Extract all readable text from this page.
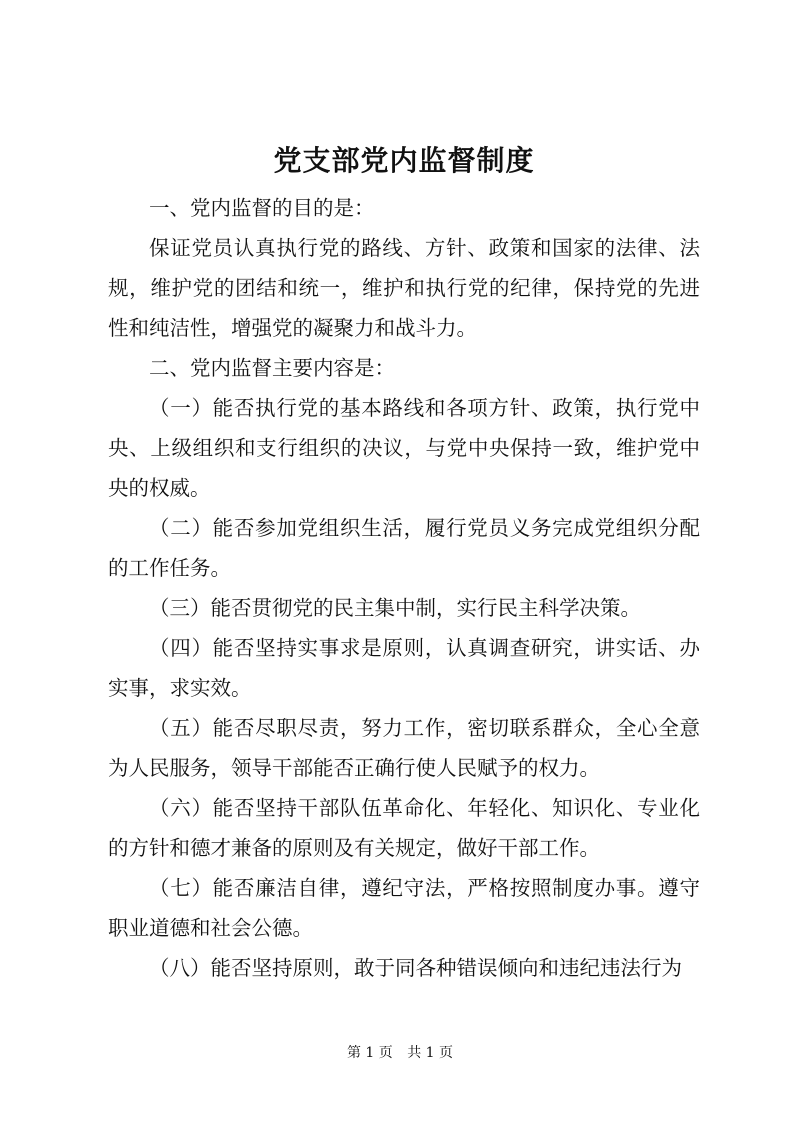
党支部党内监督制度

一、党内监督的目的是：

保证党员认真执行党的路线、方针、政策和国家的法律、法规，维护党的团结和统一，维护和执行党的纪律，保持党的先进性和纯洁性，增强党的凝聚力和战斗力。

二、党内监督主要内容是：

（一）能否执行党的基本路线和各项方针、政策，执行党中央、上级组织和支行组织的决议，与党中央保持一致，维护党中央的权威。

（二）能否参加党组织生活，履行党员义务完成党组织分配的工作任务。

（三）能否贯彻党的民主集中制，实行民主科学决策。

（四）能否坚持实事求是原则，认真调查研究，讲实话、办实事，求实效。

（五）能否尽职尽责，努力工作，密切联系群众，全心全意为人民服务，领导干部能否正确行使人民赋予的权力。

（六）能否坚持干部队伍革命化、年轻化、知识化、专业化的方针和德才兼备的原则及有关规定，做好干部工作。

（七）能否廉洁自律，遵纪守法，严格按照制度办事。遵守职业道德和社会公德。

（八）能否坚持原则，敢于同各种错误倾向和违纪违法行为

第 1 页 共 1 页
